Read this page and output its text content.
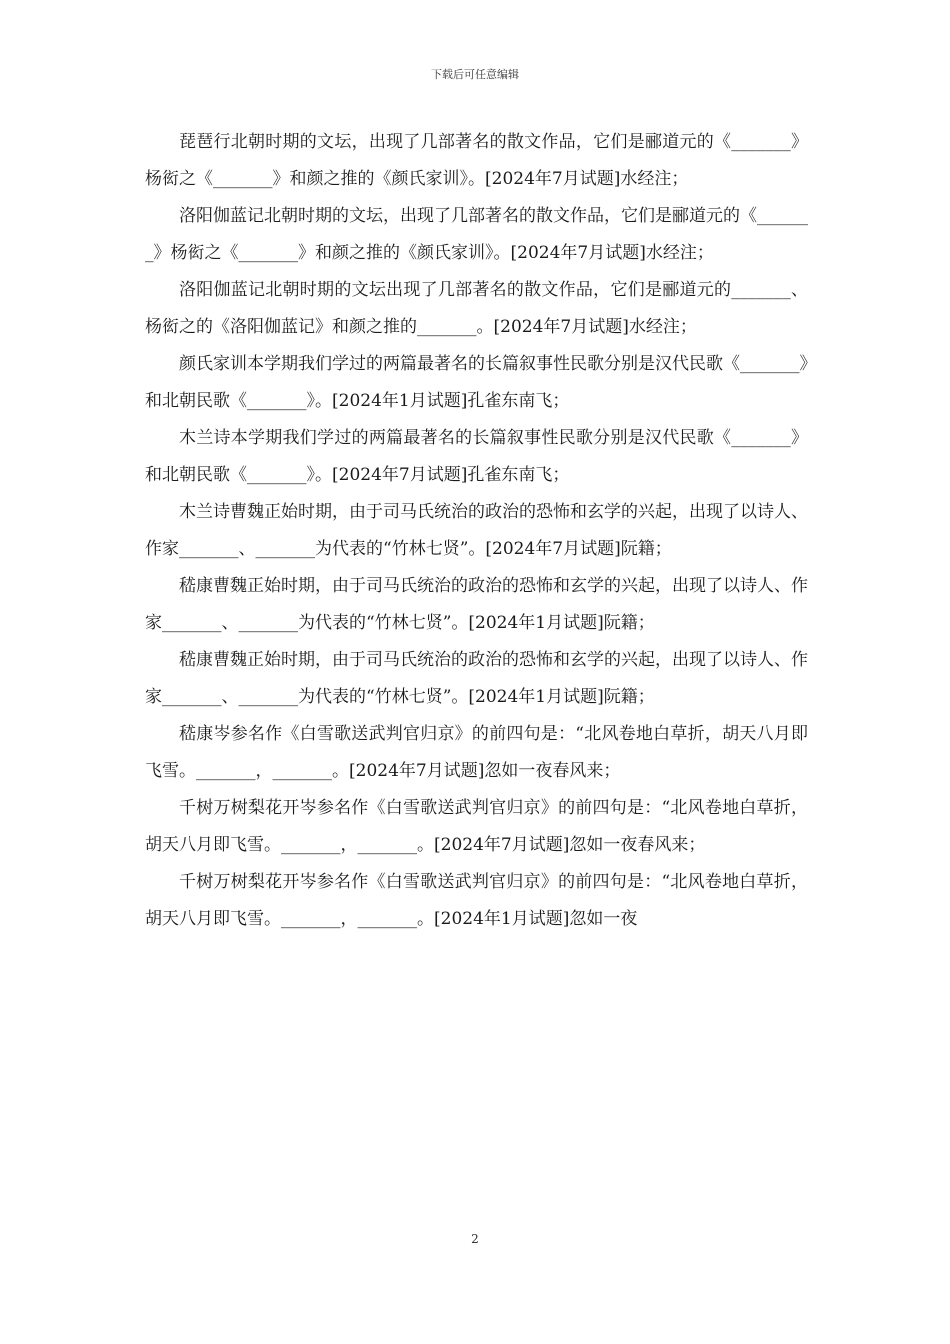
下载后可任意编辑

琵琶行北朝时期的文坛，出现了几部著名的散文作品，它们是郦道元的《_______》杨衒之《_______》和颜之推的《颜氏家训》。[2024年7月试题]水经注；

洛阳伽蓝记北朝时期的文坛，出现了几部著名的散文作品，它们是郦道元的《_______》杨衒之《_______》和颜之推的《颜氏家训》。[2024年7月试题]水经注；

洛阳伽蓝记北朝时期的文坛出现了几部著名的散文作品，它们是郦道元的_______、杨衒之的《洛阳伽蓝记》和颜之推的_______。[2024年7月试题]水经注；

颜氏家训本学期我们学过的两篇最著名的长篇叙事性民歌分别是汉代民歌《_______》和北朝民歌《_______》。[2024年1月试题]孔雀东南飞；

木兰诗本学期我们学过的两篇最著名的长篇叙事性民歌分别是汉代民歌《_______》和北朝民歌《_______》。[2024年7月试题]孔雀东南飞；

木兰诗曹魏正始时期，由于司马氏统治的政治的恐怖和玄学的兴起，出现了以诗人、作家_______、_______为代表的“竹林七贤”。[2024年7月试题]阮籍；

嵇康曹魏正始时期，由于司马氏统治的政治的恐怖和玄学的兴起，出现了以诗人、作家_______、_______为代表的“竹林七贤”。[2024年1月试题]阮籍；

嵇康曹魏正始时期，由于司马氏统治的政治的恐怖和玄学的兴起，出现了以诗人、作家_______、_______为代表的“竹林七贤”。[2024年1月试题]阮籍；

嵇康岑参名作《白雪歌送武判官归京》的前四句是：“北风卷地白草折，胡天八月即飞雪。_______，_______。[2024年7月试题]忽如一夜春风来；

千树万树梨花开岑参名作《白雪歌送武判官归京》的前四句是：“北风卷地白草折，胡天八月即飞雪。_______，_______。[2024年7月试题]忽如一夜春风来；

千树万树梨花开岑参名作《白雪歌送武判官归京》的前四句是：“北风卷地白草折，胡天八月即飞雪。_______，_______。[2024年1月试题]忽如一夜

2
